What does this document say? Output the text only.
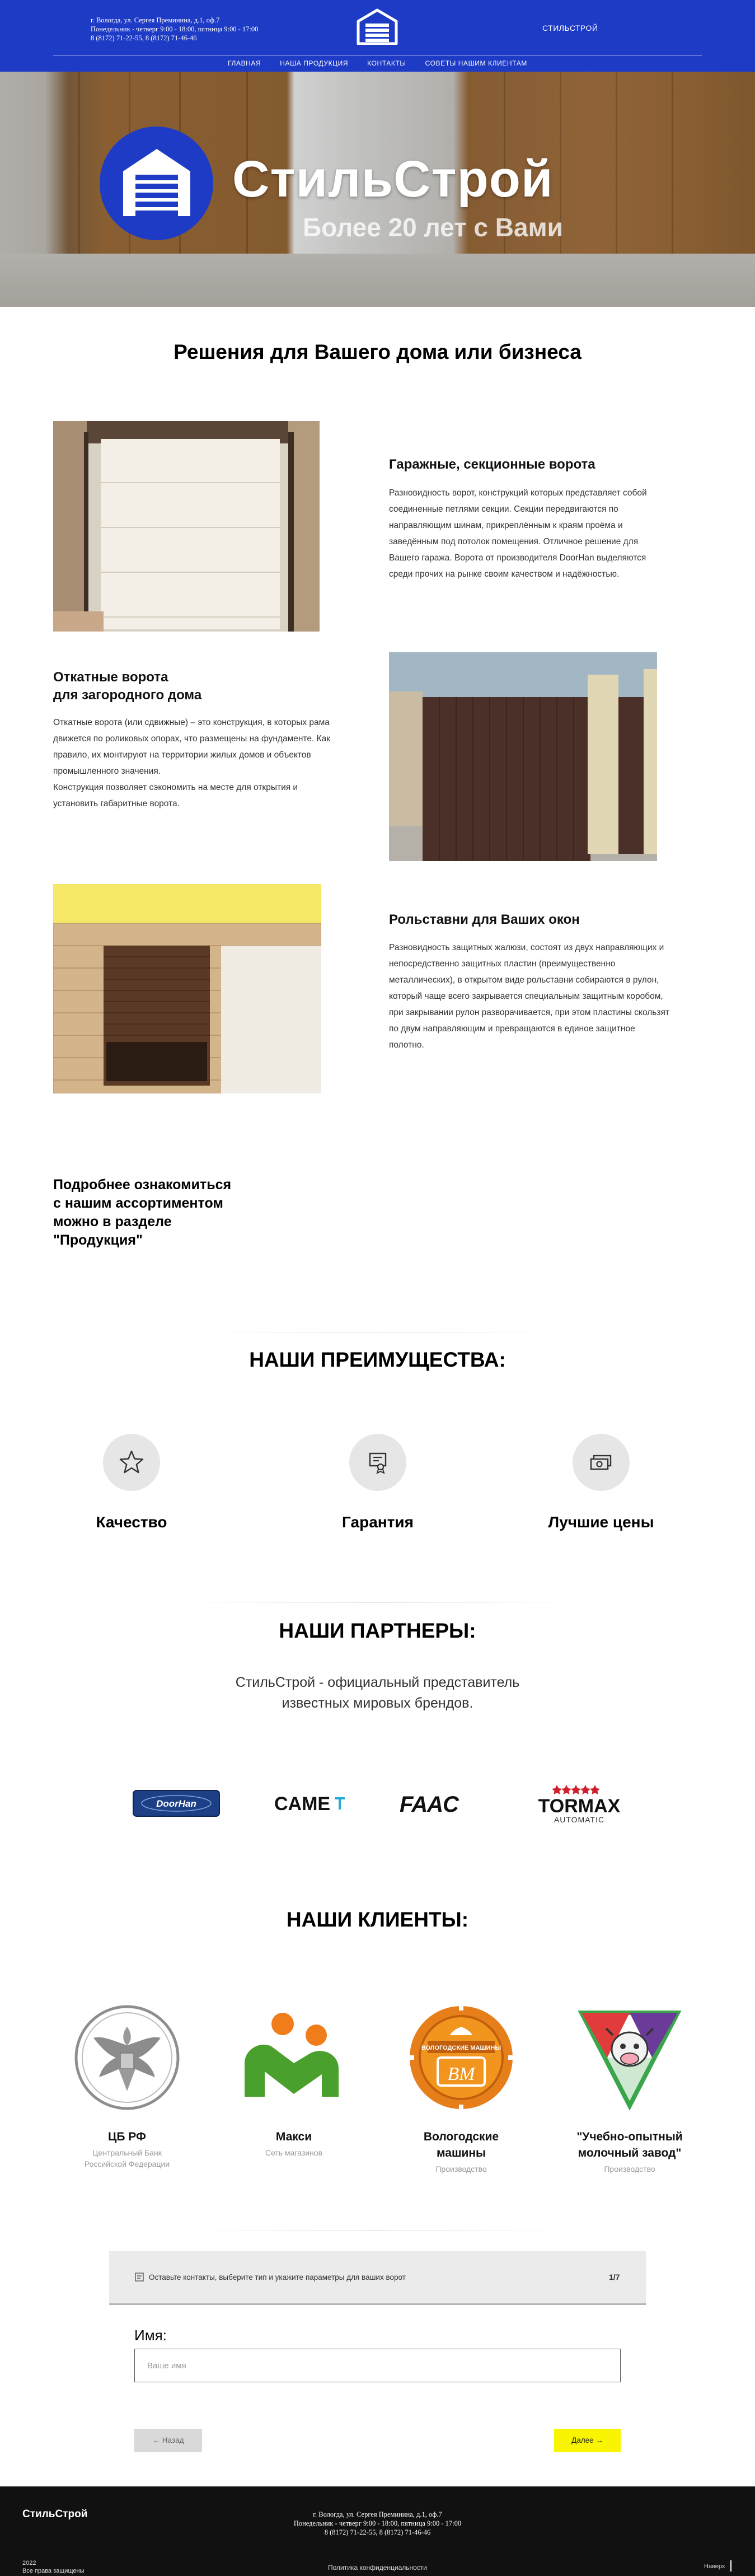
г. Вологда, ул. Сергея Преминина, д.1, оф.7
Понедельник - четверг 9:00 - 18:00, пятница 9:00 - 17:00
8 (8172) 71-22-55, 8 (8172) 71-46-46
СТИЛЬСТРОЙ
ГЛАВНАЯ	НАША ПРОДУКЦИЯ	КОНТАКТЫ	СОВЕТЫ НАШИМ КЛИЕНТАМ
СтильСтрой
Более 20 лет с Вами
Решения для Вашего дома или бизнеса
Гаражные, секционные ворота
Разновидность ворот, конструкций которых представляет собой соединенные петлями секции. Секции передвигаются по направляющим шинам, прикреплённым к краям проёма и заведённым под потолок помещения. Отличное решение для Вашего гаража. Ворота от производителя DoorHan выделяются среди прочих на рынке своим качеством и надёжностью.
Откатные ворота
для загородного дома
Откатные ворота (или сдвижные) – это конструкция, в которых рама движется по роликовых опорах, что размещены на фундаменте. Как правило, их монтируют на территории жилых домов и объектов промышленного значения.
Конструкция позволяет сэкономить на месте для открытия и установить габаритные ворота.
Рольставни для Ваших окон
Разновидность защитных жалюзи, состоят из двух направляющих и непосредственно защитных пластин (преимущественно металлических), в открытом виде рольставни собираются в рулон, который чаще всего закрывается специальным защитным коробом, при закрывании рулон разворачивается, при этом пластины скользят по двум направляющим и превращаются в единое защитное полотно.
Подробнее ознакомиться
с нашим ассортиментом
можно в разделе
"Продукция"
НАШИ ПРЕИМУЩЕСТВА:
Качество	Гарантия	Лучшие цены
НАШИ ПАРТНЕРЫ:
СтильСтрой - официальный представитель
известных мировых брендов.
DoorHan	CAME	FAAC	TORMAX
AUTOMATIC
НАШИ КЛИЕНТЫ:
ЦБ РФ
Центральный Банк
Российской Федерации
Макси
Сеть магазинов
ВОЛОГОДСКИЕ МАШИНЫ
ВМ
Вологодские
машины
Производство
"Учебно-опытный
молочный завод"
Производство
Оставьте контакты, выберите тип и укажите параметры для ваших ворот	1/7
Имя:
Ваше имя
← Назад	Далее →
СтильСтрой	г. Вологда, ул. Сергея Преминина, д.1, оф.7
Понедельник - четверг 9:00 - 18:00, пятница 9:00 - 17:00
8 (8172) 71-22-55, 8 (8172) 71-46-46
2022
Все права защищены	Политика конфиденциальности	Наверх
